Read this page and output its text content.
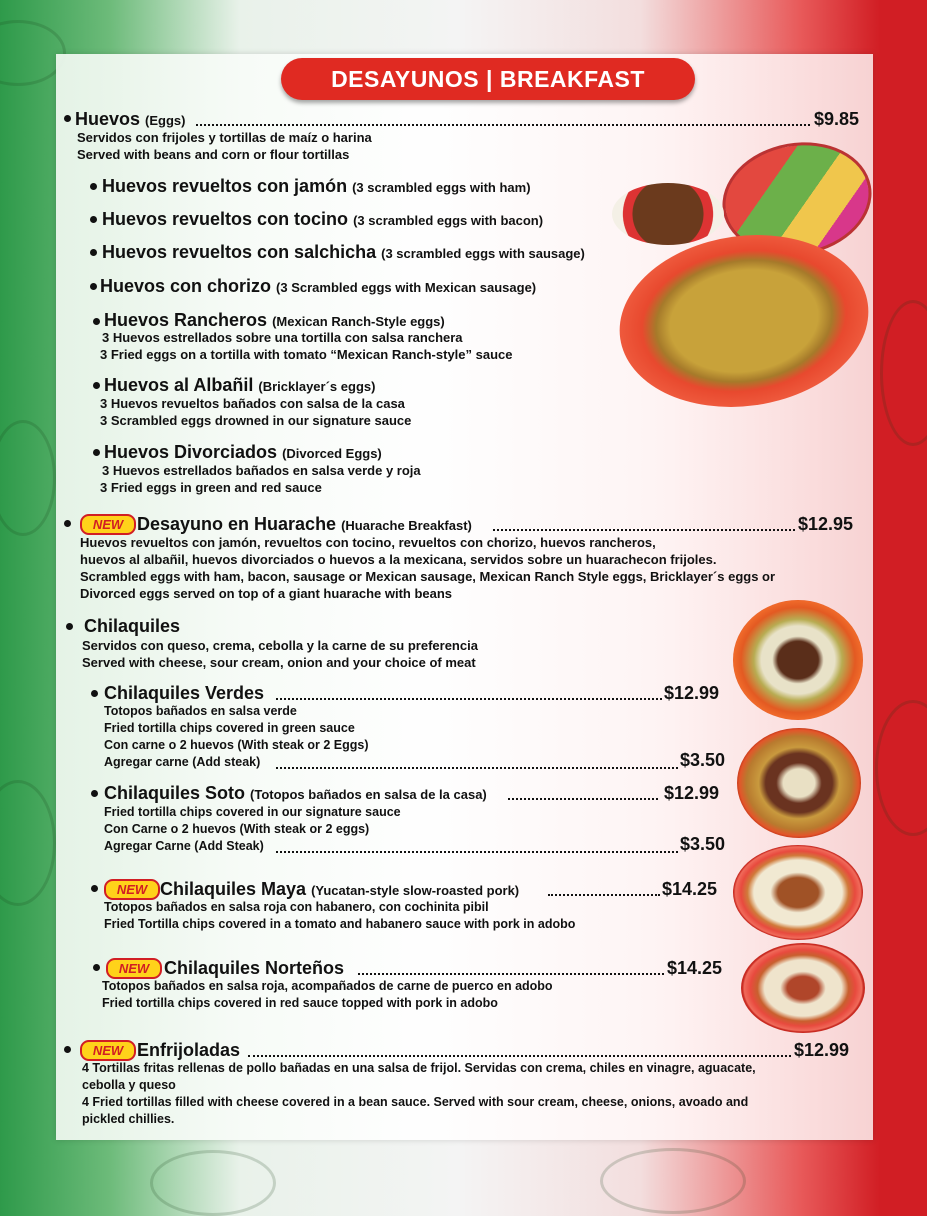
DESAYUNOS | BREAKFAST
Huevos (Eggs)	$9.85
Servidos con frijoles y tortillas de maíz o harina
Served with beans and corn or flour tortillas
Huevos revueltos con jamón (3 scrambled eggs with ham)
Huevos revueltos con tocino (3 scrambled eggs with bacon)
Huevos revueltos con salchicha (3 scrambled eggs with sausage)
Huevos con chorizo (3 Scrambled eggs with Mexican sausage)
Huevos Rancheros (Mexican Ranch-Style eggs)
3 Huevos estrellados sobre una tortilla con salsa ranchera
3 Fried eggs on a tortilla with tomato “Mexican Ranch-style” sauce
Huevos al Albañil (Bricklayer´s eggs)
3 Huevos revueltos bañados con salsa de la casa
3 Scrambled eggs drowned in our signature sauce
Huevos Divorciados (Divorced Eggs)
3 Huevos estrellados bañados en salsa verde y roja
3 Fried eggs in green and red sauce
NEW Desayuno en Huarache (Huarache Breakfast)	$12.95
Huevos revueltos con jamón, revueltos con tocino, revueltos con chorizo, huevos rancheros,
huevos al albañil, huevos divorciados o huevos a la mexicana, servidos sobre un huarachecon frijoles.
Scrambled eggs with ham, bacon, sausage or Mexican sausage, Mexican Ranch Style eggs, Bricklayer´s eggs or
Divorced eggs served on top of a giant huarache with beans
Chilaquiles
Servidos con queso, crema, cebolla y la carne de su preferencia
Served with cheese, sour cream, onion and your choice of meat
Chilaquiles Verdes	$12.99
Totopos bañados en salsa verde
Fried tortilla chips covered in green sauce
Con carne o 2 huevos (With steak or 2 Eggs)
Agregar carne (Add steak)	$3.50
Chilaquiles Soto (Totopos bañados en salsa de la casa)	$12.99
Fried tortilla chips covered in our signature sauce
Con Carne o 2 huevos (With steak or 2 eggs)
Agregar Carne (Add Steak)	$3.50
NEW Chilaquiles Maya (Yucatan-style slow-roasted pork)	$14.25
Totopos bañados en salsa roja con habanero, con cochinita pibil
Fried Tortilla chips covered in a tomato and habanero sauce with pork in adobo
NEW Chilaquiles Norteños	$14.25
Totopos bañados en salsa roja, acompañados de carne de puerco en adobo
Fried tortilla chips covered in red sauce topped with pork in adobo
NEW Enfrijoladas	$12.99
4 Tortillas fritas rellenas de pollo bañadas en una salsa de frijol. Servidas con crema, chiles en vinagre, aguacate,
cebolla y queso
4 Fried tortillas filled with cheese covered in a bean sauce. Served with sour cream, cheese, onions, avoado and
pickled chillies.
